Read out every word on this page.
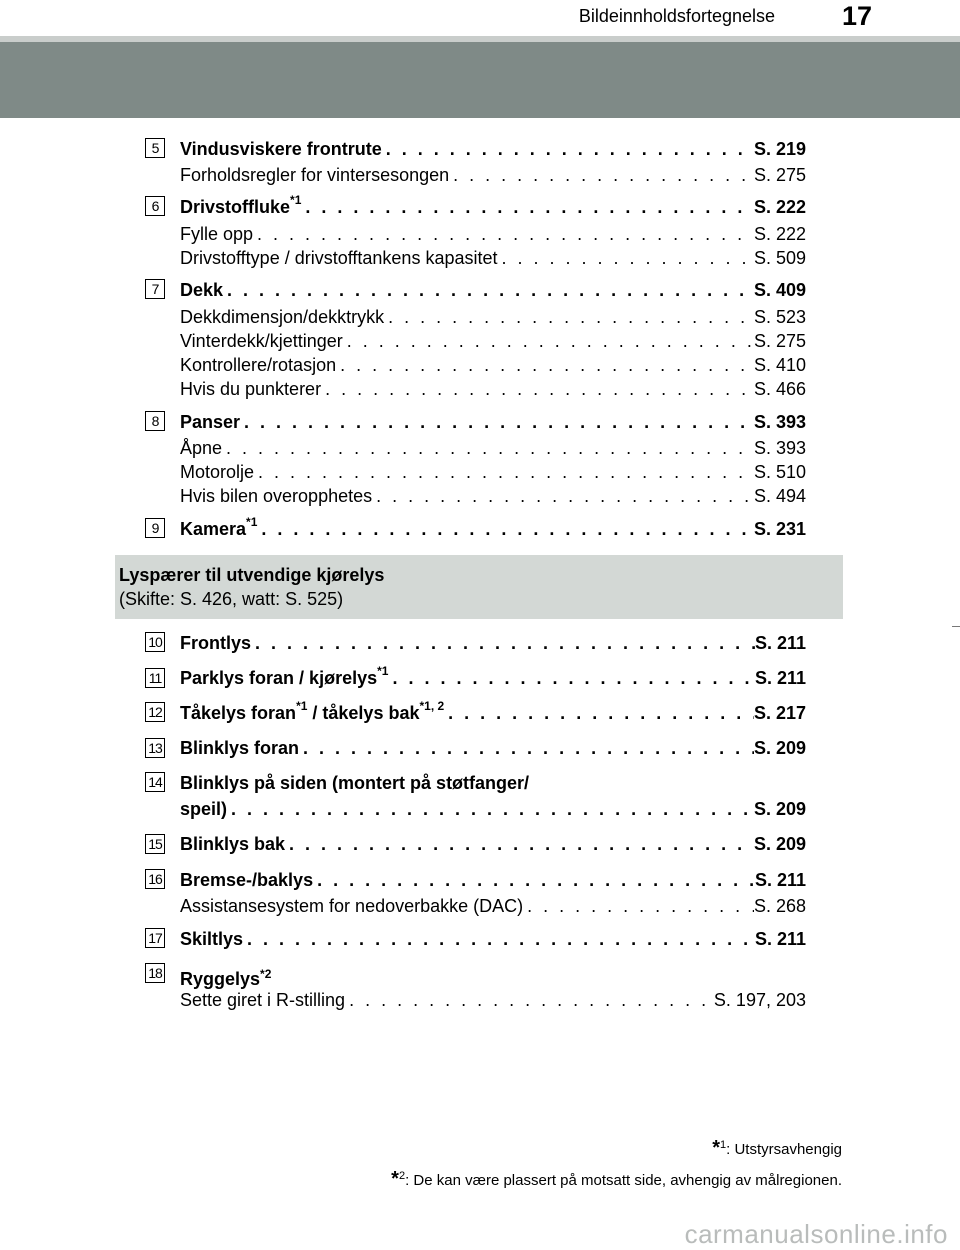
Bildeinnholdsfortegnelse 17
5	Vindusviskere frontrute . . .	S. 219
Forholdsregler for vintersesongen . . .	S. 275
6	Drivstoffluke$^{*1}$ . . .	S. 222
Fylle opp . . .	S. 222
Drivstofftype / drivstofftankens kapasitet . . .	S. 509
7	Dekk . . .	S. 409
Dekkdimensjon/dekktrykk . . .	S. 523
Vinterdekk/kjettinger . . .	S. 275
Kontrollere/rotasjon . . .	S. 410
Hvis du punkterer . . .	S. 466
8	Panser . . .	S. 393
Åpne . . .	S. 393
Motorolje . . .	S. 510
Hvis bilen overopphetes . . .	S. 494
9	Kamera$^{*1}$ . . .	S. 231
Lyspærer til utvendige kjørelys
(Skifte: S. 426, watt: S. 525)
10 Frontlys . . .	S. 211
11 Parklys foran / kjørelys$^{*1}$ . . .	S. 211
12 Tåkelys foran$^{*1}$ / tåkelys bak$^{*1, 2}$ . . .	S. 217
13 Blinklys foran . . .	S. 209
14 Blinklys på siden (montert på støtfanger/
speil) . . .	S. 209
15 Blinklys bak . . .	S. 209
16 Bremse-/baklys . . .	S. 211
Assistansesystem for nedoverbakke (DAC) . . .	S. 268
17 Skiltlys . . .	S. 211
18 Ryggelys$^{*2}$
Sette giret i R-stilling . . .	S. 197, 203
*$^1$: Utstyrsavhengig
*$^2$: De kan være plassert på motsatt side, avhengig av målregionen.
carmanualsonline.info
